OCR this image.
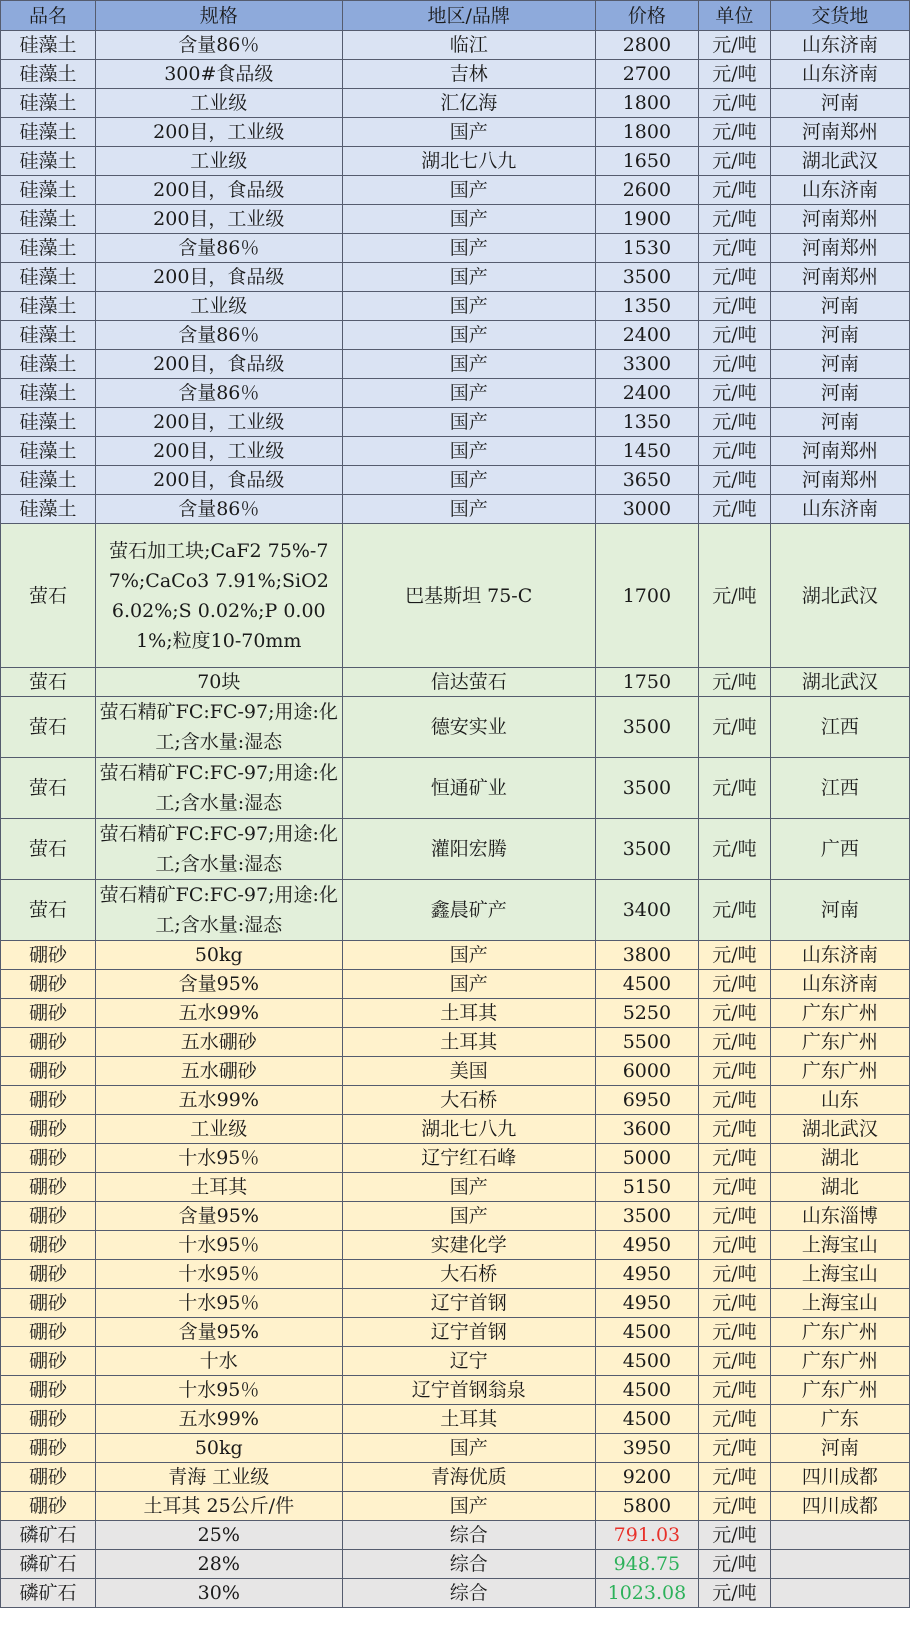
品名	规格	地区/品牌	价格	单位	交货地
硅藻土	含量86％	临江	2800	元/吨	山东济南
硅藻土	300#食品级	吉林	2700	元/吨	山东济南
硅藻土	工业级	汇亿海	1800	元/吨	河南
硅藻土	200目，工业级	国产	1800	元/吨	河南郑州
硅藻土	工业级	湖北七八九	1650	元/吨	湖北武汉
硅藻土	200目，食品级	国产	2600	元/吨	山东济南
硅藻土	200目，工业级	国产	1900	元/吨	河南郑州
硅藻土	含量86％	国产	1530	元/吨	河南郑州
硅藻土	200目，食品级	国产	3500	元/吨	河南郑州
硅藻土	工业级	国产	1350	元/吨	河南
硅藻土	含量86％	国产	2400	元/吨	河南
硅藻土	200目，食品级	国产	3300	元/吨	河南
硅藻土	含量86％	国产	2400	元/吨	河南
硅藻土	200目，工业级	国产	1350	元/吨	河南
硅藻土	200目，工业级	国产	1450	元/吨	河南郑州
硅藻土	200目，食品级	国产	3650	元/吨	河南郑州
硅藻土	含量86％	国产	3000	元/吨	山东济南
萤石	萤石加工块;CaF2 75%-77%;CaCo3 7.91%;SiO2 6.02%;S 0.02%;P 0.001%;粒度10-70mm	巴基斯坦 75-C	1700	元/吨	湖北武汉
萤石	70块	信达萤石	1750	元/吨	湖北武汉
萤石	萤石精矿FC:FC-97;用途:化工;含水量:湿态	德安实业	3500	元/吨	江西
萤石	萤石精矿FC:FC-97;用途:化工;含水量:湿态	恒通矿业	3500	元/吨	江西
萤石	萤石精矿FC:FC-97;用途:化工;含水量:湿态	灌阳宏腾	3500	元/吨	广西
萤石	萤石精矿FC:FC-97;用途:化工;含水量:湿态	鑫晨矿产	3400	元/吨	河南
硼砂	50kg	国产	3800	元/吨	山东济南
硼砂	含量95%	国产	4500	元/吨	山东济南
硼砂	五水99%	土耳其	5250	元/吨	广东广州
硼砂	五水硼砂	土耳其	5500	元/吨	广东广州
硼砂	五水硼砂	美国	6000	元/吨	广东广州
硼砂	五水99%	大石桥	6950	元/吨	山东
硼砂	工业级	湖北七八九	3600	元/吨	湖北武汉
硼砂	十水95％	辽宁红石峰	5000	元/吨	湖北
硼砂	土耳其	国产	5150	元/吨	湖北
硼砂	含量95%	国产	3500	元/吨	山东淄博
硼砂	十水95％	实建化学	4950	元/吨	上海宝山
硼砂	十水95％	大石桥	4950	元/吨	上海宝山
硼砂	十水95％	辽宁首钢	4950	元/吨	上海宝山
硼砂	含量95%	辽宁首钢	4500	元/吨	广东广州
硼砂	十水	辽宁	4500	元/吨	广东广州
硼砂	十水95％	辽宁首钢翁泉	4500	元/吨	广东广州
硼砂	五水99%	土耳其	4500	元/吨	广东
硼砂	50kg	国产	3950	元/吨	河南
硼砂	青海 工业级	青海优质	9200	元/吨	四川成都
硼砂	土耳其 25公斤/件	国产	5800	元/吨	四川成都
磷矿石	25%	综合	791.03	元/吨	
磷矿石	28%	综合	948.75	元/吨	
磷矿石	30%	综合	1023.08	元/吨	
